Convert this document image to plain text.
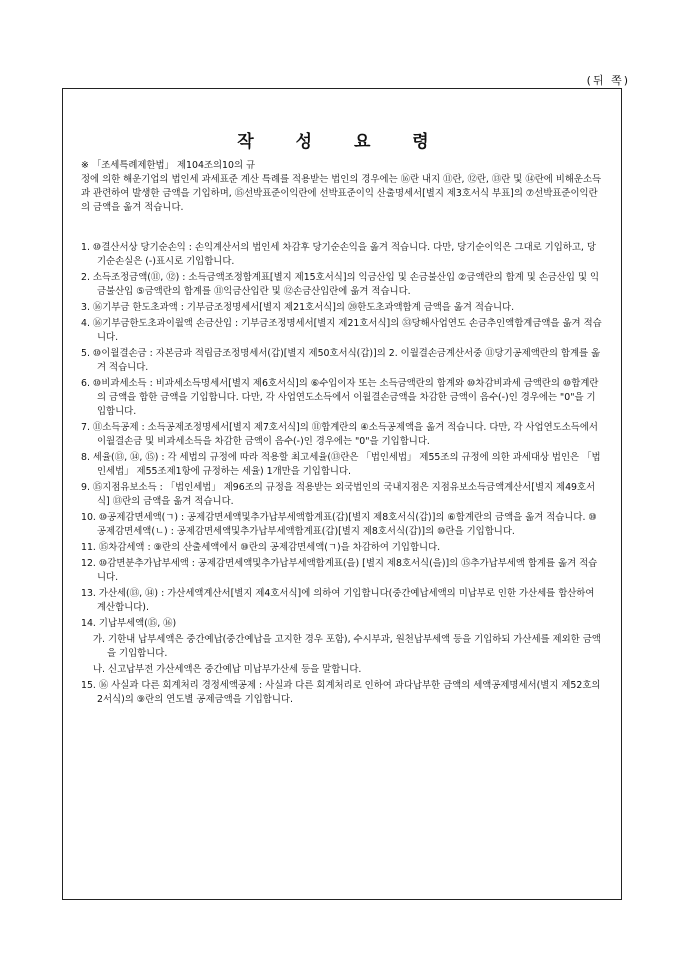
(뒤 쪽)
작 성 요 령

※ 「조세특례제한법」 제104조의10의 규

정에 의한 해운기업의 법인세 과세표준 계산 특례를 적용받는 법인의 경우에는 ⑯란 내지 ⑪란, ⑫란, ⑬란 및 ⑭란에 비해운소득과 관련하여 발생한 금액을 기입하며, ⑮선박표준이익란에 선박표준이익 산출명세서[별지 제3호서식 부표]의 ⑦선박표준이익란의 금액을 옮겨 적습니다.

1. ⑩결산서상 당기순손익 : 손익계산서의 법인세 차감후 당기순손익을 옮겨 적습니다. 다만, 당기순이익은 그대로 기입하고, 당기순손실은 (-)표시로 기입합니다.

2. 소득조정금액(⑪, ⑫) : 소득금액조정합계표[별지 제15호서식]의 익금산입 및 손금불산입 ②금액란의 합계 및 손금산입 및 익금불산입 ⑤금액란의 합계를 ⑪익금산입란 및 ⑫손금산입란에 옮겨 적습니다.

3. ⑯기부금 한도초과액 : 기부금조정명세서[별지 제21호서식]의 ⑳한도초과액합계 금액을 옮겨 적습니다.

4. ⑯기부금한도초과이월액 손금산입 : 기부금조정명세서[별지 제21호서식]의 ㉝당해사업연도 손금추인액합계금액을 옮겨 적습니다.

5. ⑩이월결손금 : 자본금과 적립금조정명세서(갑)[별지 제50호서식(갑)]의 2. 이월결손금계산서중 ⑪당기공제액란의 합계를 옮겨 적습니다.

6. ⑩비과세소득 : 비과세소득명세서[별지 제6호서식]의 ⑥수입이자 또는 소득금액란의 합계와 ⑩차감비과세 금액란의 ⑩합계란의 금액을 합한 금액을 기입합니다. 다만, 각 사업연도소득에서 이월결손금액을 차감한 금액이 음수(-)인 경우에는 "0"을 기입합니다.

7. ⑪소득공제 : 소득공제조정명세서[별지 제7호서식]의 ⑪합계란의 ④소득공제액을 옮겨 적습니다. 다만, 각 사업연도소득에서 이월결손금 및 비과세소득을 차감한 금액이 음수(-)인 경우에는 "0"을 기입합니다.

8. 세율(⑬, ⑭, ⑮) : 각 세법의 규정에 따라 적용할 최고세율(⑬란은 「법인세법」 제55조의 규정에 의한 과세대상 법인은 「법인세법」 제55조제1항에 규정하는 세율) 1개만을 기입합니다.

9. ⑮지점유보소득 : 「법인세법」 제96조의 규정을 적용받는 외국법인의 국내지점은 지점유보소득금액계산서[별지 제49호서식] ⑬란의 금액을 옮겨 적습니다.

10. ⑩공제감면세액(ㄱ) : 공제감면세액및추가납부세액합계표(갑)[별지 제8호서식(갑)]의 ⑥합계란의 금액을 옮겨 적습니다. ⑩공제감면세액(ㄴ) : 공제감면세액및추가납부세액합계표(갑)[별지 제8호서식(갑)]의 ⑩란을 기입합니다.

11. ⑮차감세액 : ⑨란의 산출세액에서 ⑩란의 공제감면세액(ㄱ)을 차감하여 기입합니다.

12. ⑩감면분추가납부세액 : 공제감면세액및추가납부세액합계표(을) [별지 제8호서식(을)]의 ⑮추가납부세액 합계를 옮겨 적습니다.

13. 가산세(⑬, ⑭) : 가산세액계산서[별지 제4호서식]에 의하여 기입합니다(중간예납세액의 미납부로 인한 가산세를 합산하여 계산합니다).

14. 기납부세액(⑮, ⑯)

가. 기한내 납부세액은 중간예납(중간예납을 고지한 경우 포함), 수시부과, 원천납부세액 등을 기입하되 가산세를 제외한 금액을 기입합니다.

나. 신고납부전 가산세액은 중간예납 미납부가산세 등을 말합니다.

15. ⑯ 사실과 다른 회계처리 경정세액공제 : 사실과 다른 회계처리로 인하여 과다납부한 금액의 세액공제명세서(별지 제52호의2서식)의 ⑨란의 연도별 공제금액을 기입합니다.
